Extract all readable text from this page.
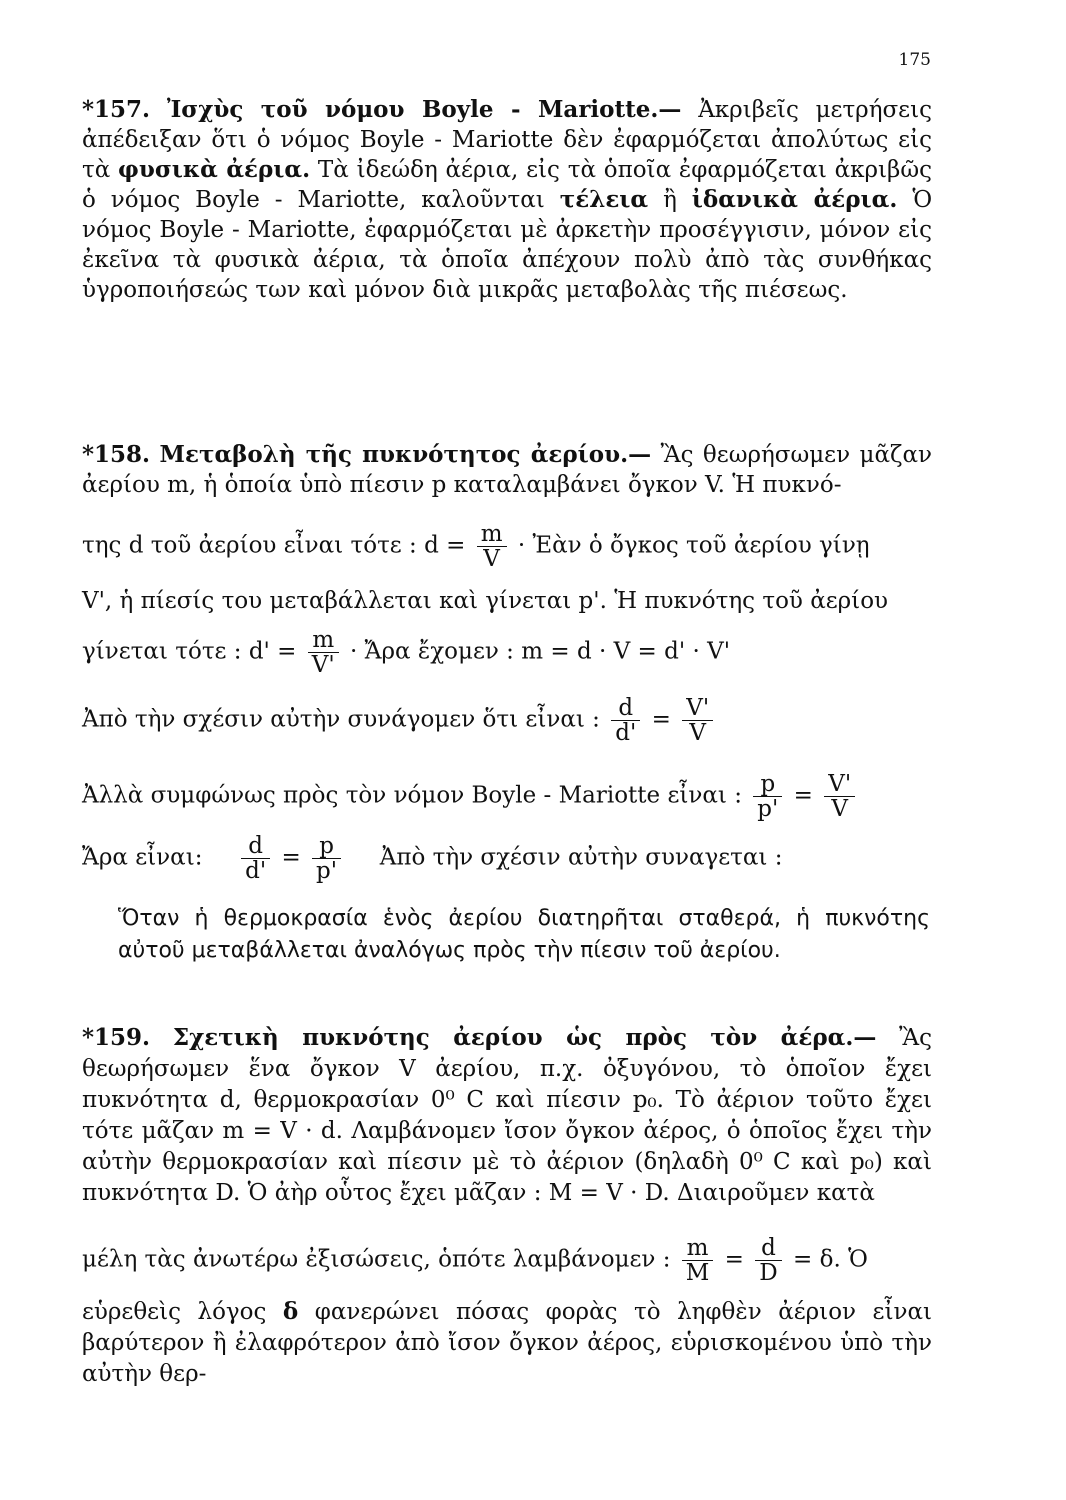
175
*157. Ἰσχὺς τοῦ νόμου Boyle - Mariotte.— Ἀκριβεῖς μετρήσεις ἀπέδειξαν ὅτι ὁ νόμος Boyle - Mariotte δὲν ἐφαρμόζεται ἀπολύτως εἰς τὰ φυσικὰ ἀέρια. Τὰ ἰδεώδη ἀέρια, εἰς τὰ ὁποῖα ἐφαρμόζεται ἀκριβῶς ὁ νόμος Boyle - Mariotte, καλοῦνται τέλεια ἢ ἰδανικὰ ἀέρια. Ὁ νόμος Boyle - Mariotte, ἐφαρμόζεται μὲ ἀρκετὴν προσέγγισιν, μόνον εἰς ἐκεῖνα τὰ φυσικὰ ἀέρια, τὰ ὁποῖα ἀπέχουν πολὺ ἀπὸ τὰς συνθήκας ὑγροποιήσεώς των καὶ μόνον διὰ μικρᾶς μεταβολὰς τῆς πιέσεως.
*158. Μεταβολὴ τῆς πυκνότητος ἀερίου.— Ἂς θεωρήσωμεν μᾶζαν ἀερίου m, ἡ ὁποία ὑπὸ πίεσιν p καταλαμβάνει ὄγκον V. Ἡ πυκνό-
της d τοῦ ἀερίου εἶναι τότε : $d = \frac{m}{V}$ · Ἐὰν ὁ ὄγκος τοῦ ἀερίου γίνῃ
V', ἡ πίεσίς του μεταβάλλεται καὶ γίνεται p'. Ἡ πυκνότης τοῦ ἀερίου
γίνεται τότε : $d' = \frac{m}{V'}$ · Ἄρα ἔχομεν : m = d · V = d' · V'
Ἀπὸ τὴν σχέσιν αὐτὴν συνάγομεν ὅτι εἶναι : $\frac{d}{d'} = \frac{V'}{V}$
Ἀλλὰ συμφώνως πρὸς τὸν νόμον Boyle - Mariotte εἶναι : $\frac{p}{p'} = \frac{V'}{V}$
Ἄρα εἶναι: $\frac{d}{d'} = \frac{p}{p'}$ Ἀπὸ τὴν σχέσιν αὐτὴν συναγεται :
Ὅταν ἡ θερμοκρασία ἑνὸς ἀερίου διατηρῆται σταθερά, ἡ πυκνότης αὐτοῦ μεταβάλλεται ἀναλόγως πρὸς τὴν πίεσιν τοῦ ἀερίου.
*159. Σχετικὴ πυκνότης ἀερίου ὡς πρὸς τὸν ἀέρα.— Ἂς θεωρήσωμεν ἕνα ὄγκον V ἀερίου, π.χ. ὀξυγόνου, τὸ ὁποῖον ἔχει πυκνότητα d, θερμοκρασίαν 0⁰ C καὶ πίεσιν p₀. Τὸ ἀέριον τοῦτο ἔχει τότε μᾶζαν m = V · d. Λαμβάνομεν ἴσον ὄγκον ἀέρος, ὁ ὁποῖος ἔχει τὴν αὐτὴν θερμοκρασίαν καὶ πίεσιν μὲ τὸ ἀέριον (δηλαδὴ 0⁰ C καὶ p₀) καὶ πυκνότητα D. Ὁ ἀὴρ οὗτος ἔχει μᾶζαν : M = V · D. Διαιροῦμεν κατὰ
μέλη τὰς ἀνωτέρω ἐξισώσεις, ὁπότε λαμβάνομεν : $\frac{m}{M} = \frac{d}{D} = \delta$. Ὁ
εὑρεθεὶς λόγος δ φανερώνει πόσας φορὰς τὸ ληφθὲν ἀέριον εἶναι βαρύτερον ἢ ἐλαφρότερον ἀπὸ ἴσον ὄγκον ἀέρος, εὑρισκομένου ὑπὸ τὴν αὐτὴν θερ-
